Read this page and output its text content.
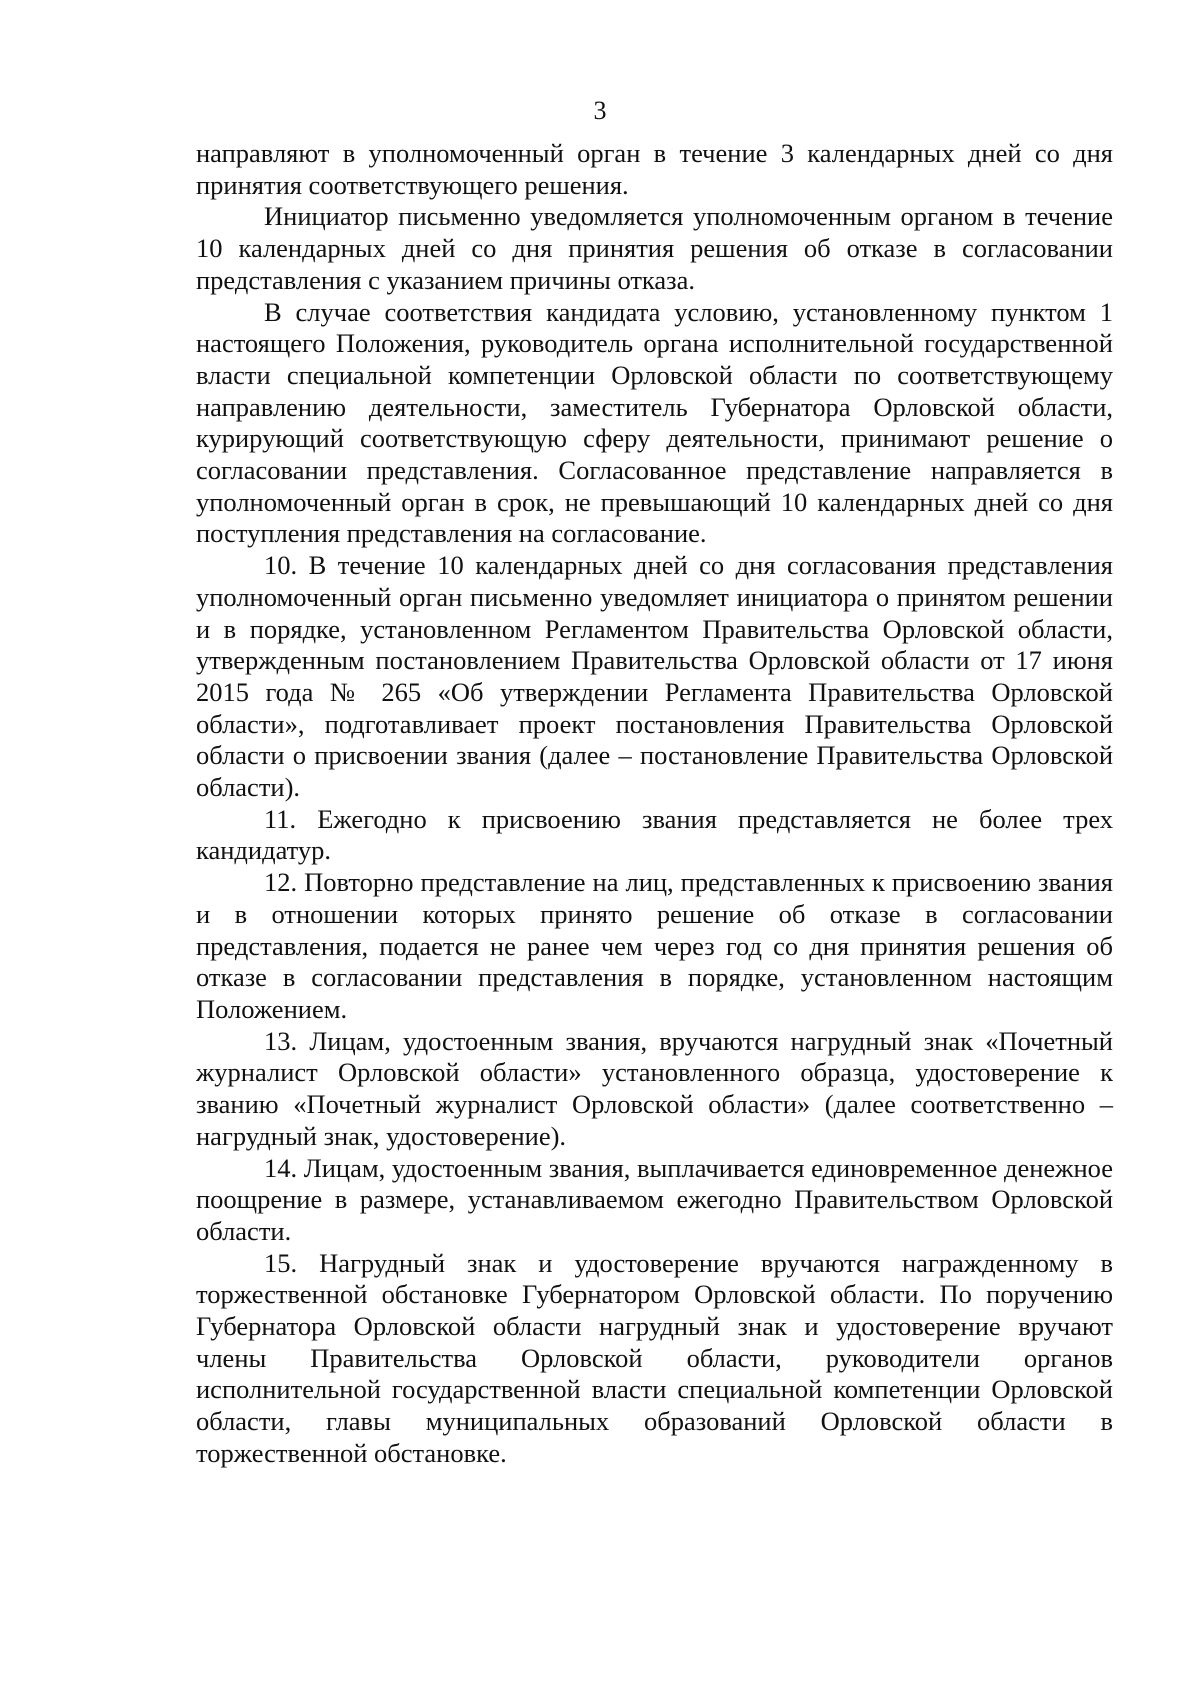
3

направляют в уполномоченный орган в течение 3 календарных дней со дня принятия соответствующего решения.

Инициатор письменно уведомляется уполномоченным органом в течение 10 календарных дней со дня принятия решения об отказе в согласовании представления с указанием причины отказа.

В случае соответствия кандидата условию, установленному пунктом 1 настоящего Положения, руководитель органа исполнительной государственной власти специальной компетенции Орловской области по соответствующему направлению деятельности, заместитель Губернатора Орловской области, курирующий соответствующую сферу деятельности, принимают решение о согласовании представления. Согласованное представление направляется в уполномоченный орган в срок, не превышающий 10 календарных дней со дня поступления представления на согласование.

10. В течение 10 календарных дней со дня согласования представления уполномоченный орган письменно уведомляет инициатора о принятом решении и в порядке, установленном Регламентом Правительства Орловской области, утвержденным постановлением Правительства Орловской области от 17 июня 2015 года № 265 «Об утверждении Регламента Правительства Орловской области», подготавливает проект постановления Правительства Орловской области о присвоении звания (далее – постановление Правительства Орловской области).

11. Ежегодно к присвоению звания представляется не более трех кандидатур.

12. Повторно представление на лиц, представленных к присвоению звания и в отношении которых принято решение об отказе в согласовании представления, подается не ранее чем через год со дня принятия решения об отказе в согласовании представления в порядке, установленном настоящим Положением.

13. Лицам, удостоенным звания, вручаются нагрудный знак «Почетный журналист Орловской области» установленного образца, удостоверение к званию «Почетный журналист Орловской области» (далее соответственно – нагрудный знак, удостоверение).

14. Лицам, удостоенным звания, выплачивается единовременное денежное поощрение в размере, устанавливаемом ежегодно Правительством Орловской области.

15. Нагрудный знак и удостоверение вручаются награжденному в торжественной обстановке Губернатором Орловской области. По поручению Губернатора Орловской области нагрудный знак и удостоверение вручают члены Правительства Орловской области, руководители органов исполнительной государственной власти специальной компетенции Орловской области, главы муниципальных образований Орловской области в торжественной обстановке.
